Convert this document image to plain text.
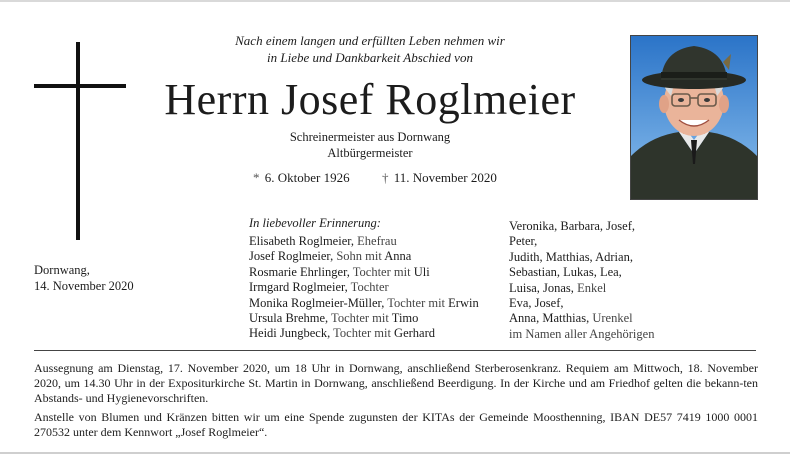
Nach einem langen und erfüllten Leben nehmen wir
in Liebe und Dankbarkeit Abschied von
Herrn Josef Roglmeier
Schreinermeister aus Dornwang
Altbürgermeister
* 6. Oktober 1926 † 11. November 2020
Dornwang,
14. November 2020
In liebevoller Erinnerung:
Elisabeth Roglmeier, Ehefrau
Josef Roglmeier, Sohn mit Anna
Rosmarie Ehrlinger, Tochter mit Uli
Irmgard Roglmeier, Tochter
Monika Roglmeier-Müller, Tochter mit Erwin
Ursula Brehme, Tochter mit Timo
Heidi Jungbeck, Tochter mit Gerhard
Veronika, Barbara, Josef,
Peter,
Judith, Matthias, Adrian,
Sebastian, Lukas, Lea,
Luisa, Jonas, Enkel
Eva, Josef,
Anna, Matthias, Urenkel
im Namen aller Angehörigen
Aussegnung am Dienstag, 17. November 2020, um 18 Uhr in Dornwang, anschließend Sterberosenkranz. Requiem am Mittwoch, 18. November 2020, um 14.30 Uhr in der Expositurkirche St. Martin in Dornwang, anschließend Beerdigung. In der Kirche und am Friedhof gelten die bekann-ten Abstands- und Hygienevorschriften.
Anstelle von Blumen und Kränzen bitten wir um eine Spende zugunsten der KITAs der Gemeinde Moosthenning, IBAN DE57 7419 1000 0001 270532 unter dem Kennwort „Josef Roglmeier“.
